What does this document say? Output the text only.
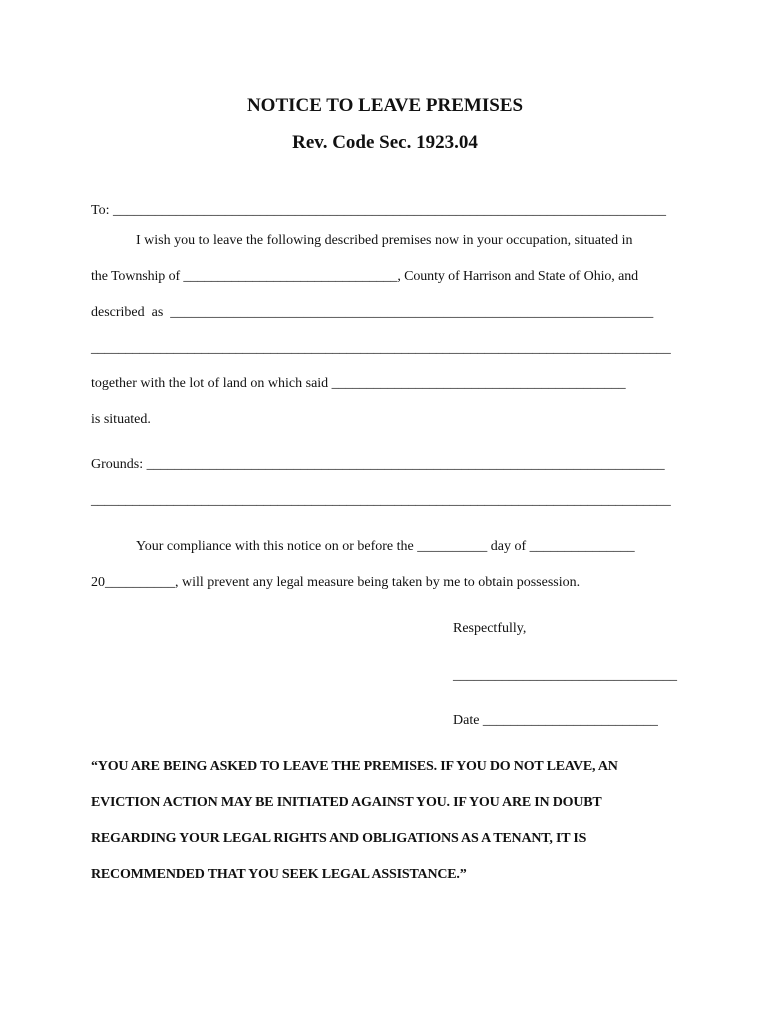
NOTICE TO LEAVE PREMISES
Rev. Code Sec. 1923.04

To: _______________________________________________________________________________

I wish you to leave the following described premises now in your occupation, situated in

the Township of _______________________________, County of Harrison and State of Ohio, and

described  as  _____________________________________________________________________

____________________________________________________________________________________

together with the lot of land on which said __________________________________________

is situated.

Grounds: __________________________________________________________________________

____________________________________________________________________________________

Your compliance with this notice on or before the __________ day of _______________

20__________, will prevent any legal measure being taken by me to obtain possession.

Respectfully,

________________________________

Date _________________________

“YOU ARE BEING ASKED TO LEAVE THE PREMISES. IF YOU DO NOT LEAVE, AN

EVICTION ACTION MAY BE INITIATED AGAINST YOU. IF YOU ARE IN DOUBT

REGARDING YOUR LEGAL RIGHTS AND OBLIGATIONS AS A TENANT, IT IS

RECOMMENDED THAT YOU SEEK LEGAL ASSISTANCE.”
